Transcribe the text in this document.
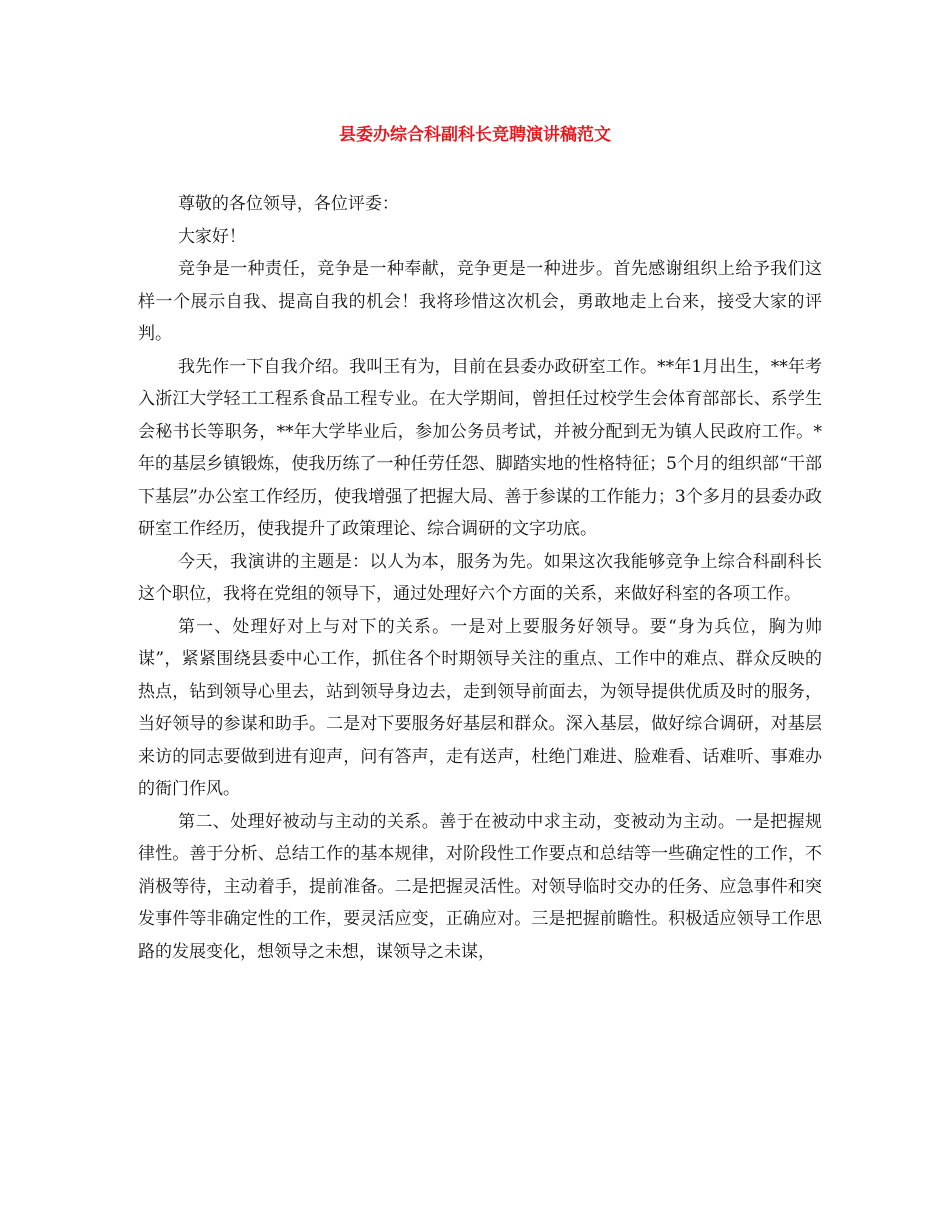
县委办综合科副科长竞聘演讲稿范文

尊敬的各位领导，各位评委：

大家好！

竞争是一种责任，竞争是一种奉献，竞争更是一种进步。首先感谢组织上给予我们这样一个展示自我、提高自我的机会！我将珍惜这次机会，勇敢地走上台来，接受大家的评判。

我先作一下自我介绍。我叫王有为，目前在县委办政研室工作。**年1月出生，**年考入浙江大学轻工工程系食品工程专业。在大学期间，曾担任过校学生会体育部部长、系学生会秘书长等职务，**年大学毕业后，参加公务员考试，并被分配到无为镇人民政府工作。*年的基层乡镇锻炼，使我历练了一种任劳任怨、脚踏实地的性格特征；5个月的组织部“干部下基层”办公室工作经历，使我增强了把握大局、善于参谋的工作能力；3个多月的县委办政研室工作经历，使我提升了政策理论、综合调研的文字功底。

今天，我演讲的主题是：以人为本，服务为先。如果这次我能够竞争上综合科副科长这个职位，我将在党组的领导下，通过处理好六个方面的关系，来做好科室的各项工作。

第一、处理好对上与对下的关系。一是对上要服务好领导。要“身为兵位，胸为帅谋”，紧紧围绕县委中心工作，抓住各个时期领导关注的重点、工作中的难点、群众反映的热点，钻到领导心里去，站到领导身边去，走到领导前面去，为领导提供优质及时的服务，当好领导的参谋和助手。二是对下要服务好基层和群众。深入基层，做好综合调研，对基层来访的同志要做到进有迎声，问有答声，走有送声，杜绝门难进、脸难看、话难听、事难办的衙门作风。

第二、处理好被动与主动的关系。善于在被动中求主动，变被动为主动。一是把握规律性。善于分析、总结工作的基本规律，对阶段性工作要点和总结等一些确定性的工作，不消极等待，主动着手，提前准备。二是把握灵活性。对领导临时交办的任务、应急事件和突发事件等非确定性的工作，要灵活应变，正确应对。三是把握前瞻性。积极适应领导工作思路的发展变化，想领导之未想，谋领导之未谋，
